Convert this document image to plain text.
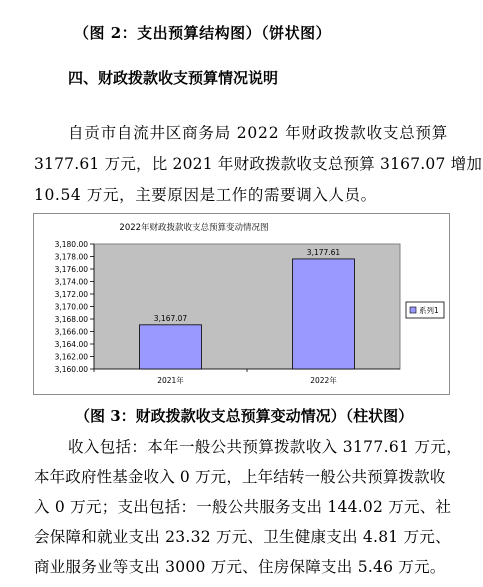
（图 2：支出预算结构图）（饼状图）
四、财政拨款收支预算情况说明
自贡市自流井区商务局 2022 年财政拨款收支总预算
3177.61 万元，比 2021 年财政拨款收支总预算 3167.07 增加
10.54 万元，主要原因是工作的需要调入人员。
2022年财政拨款收支总预算变动情况图
3,160.00
3,162.00
3,164.00
3,166.00
3,168.00
3,170.00
3,172.00
3,174.00
3,176.00
3,178.00
3,180.00
3,167.07
2021年
3,177.61
2022年
系列1
（图 3：财政拨款收支总预算变动情况）（柱状图）
收入包括：本年一般公共预算拨款收入 3177.61 万元，
本年政府性基金收入 0 万元，上年结转一般公共预算拨款收
入 0 万元；支出包括：一般公共服务支出 144.02 万元、社
会保障和就业支出 23.32 万元、卫生健康支出 4.81 万元、
商业服务业等支出 3000 万元、住房保障支出 5.46 万元。
